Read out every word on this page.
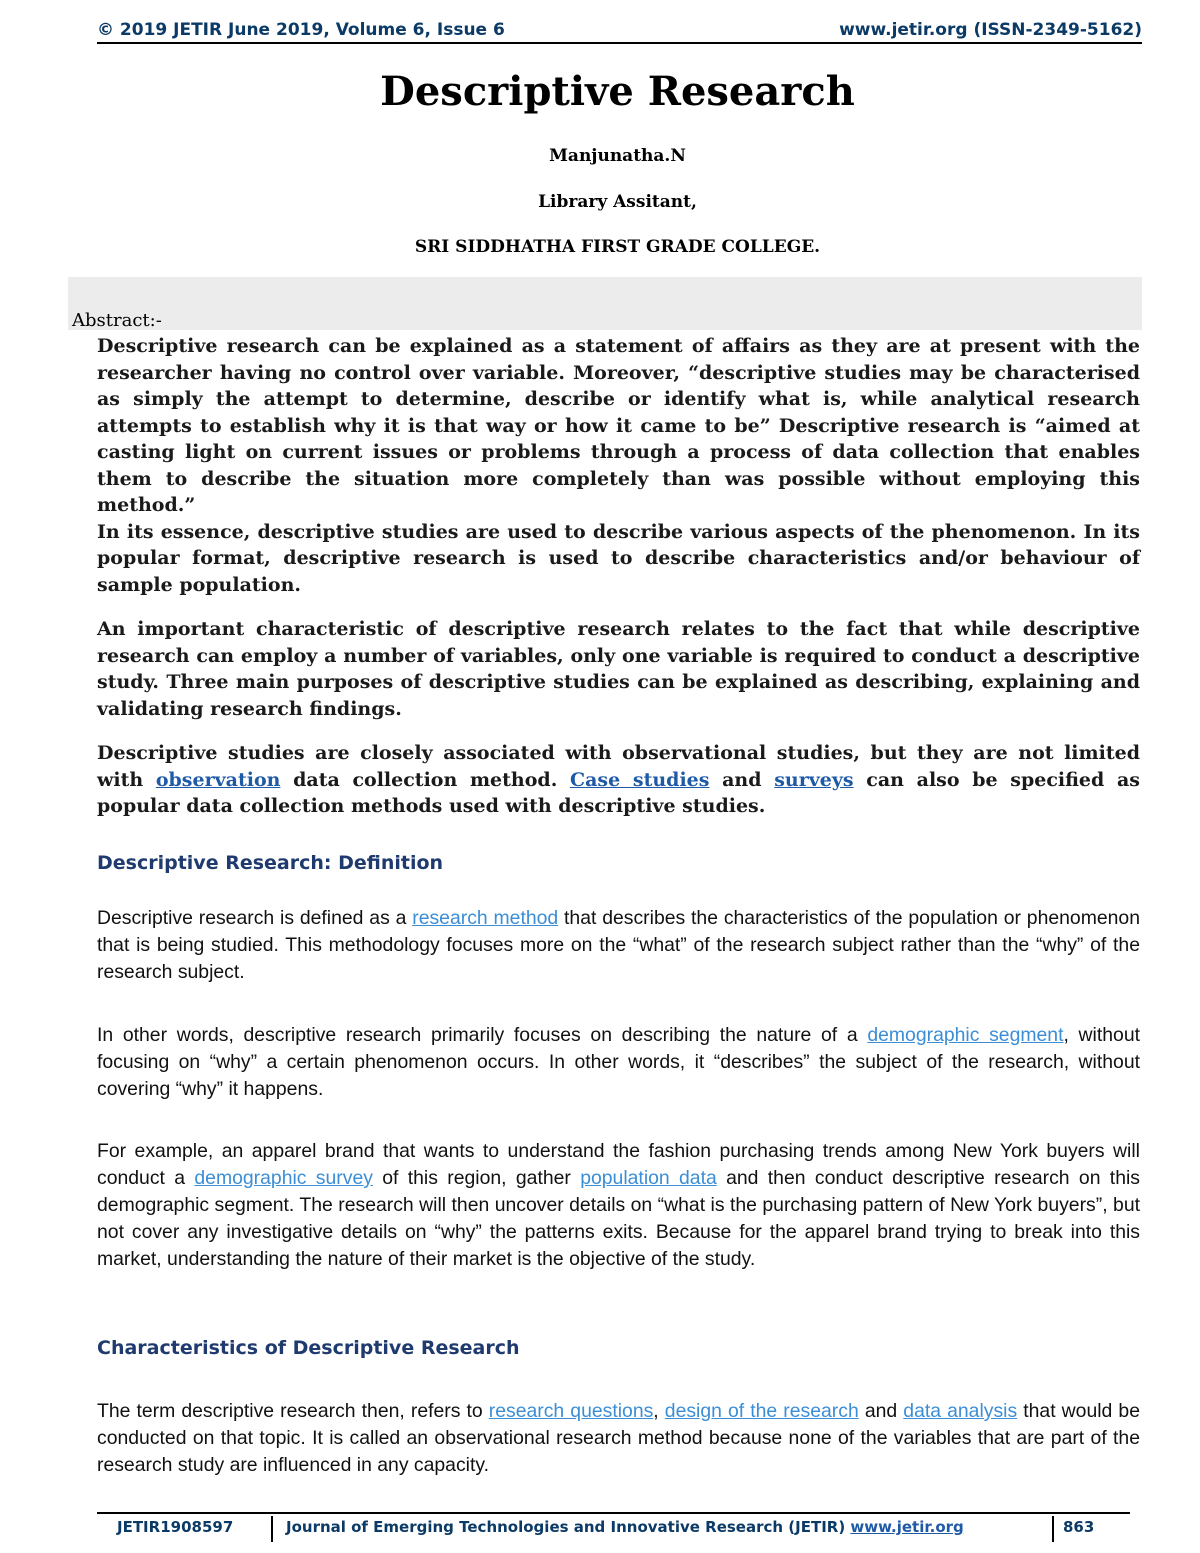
© 2019 JETIR June 2019, Volume 6, Issue 6	www.jetir.org (ISSN-2349-5162)
Descriptive Research
Manjunatha.N
Library Assitant,
SRI SIDDHATHA FIRST GRADE COLLEGE.
Abstract:-

Descriptive research can be explained as a statement of affairs as they are at present with the researcher having no control over variable. Moreover, “descriptive studies may be characterised as simply the attempt to determine, describe or identify what is, while analytical research attempts to establish why it is that way or how it came to be” Descriptive research is “aimed at casting light on current issues or problems through a process of data collection that enables them to describe the situation more completely than was possible without employing this method.”

In its essence, descriptive studies are used to describe various aspects of the phenomenon. In its popular format, descriptive research is used to describe characteristics and/or behaviour of sample population.

An important characteristic of descriptive research relates to the fact that while descriptive research can employ a number of variables, only one variable is required to conduct a descriptive study. Three main purposes of descriptive studies can be explained as describing, explaining and validating research findings.

Descriptive studies are closely associated with observational studies, but they are not limited with observation data collection method. Case studies and surveys can also be specified as popular data collection methods used with descriptive studies.

Descriptive Research: Definition

Descriptive research is defined as a research method that describes the characteristics of the population or phenomenon that is being studied. This methodology focuses more on the “what” of the research subject rather than the “why” of the research subject.

In other words, descriptive research primarily focuses on describing the nature of a demographic segment, without focusing on “why” a certain phenomenon occurs. In other words, it “describes” the subject of the research, without covering “why” it happens.

For example, an apparel brand that wants to understand the fashion purchasing trends among New York buyers will conduct a demographic survey of this region, gather population data and then conduct descriptive research on this demographic segment. The research will then uncover details on “what is the purchasing pattern of New York buyers”, but not cover any investigative details on “why” the patterns exits. Because for the apparel brand trying to break into this market, understanding the nature of their market is the objective of the study.

Characteristics of Descriptive Research

The term descriptive research then, refers to research questions, design of the research and data analysis that would be conducted on that topic. It is called an observational research method because none of the variables that are part of the research study are influenced in any capacity.

JETIR1908597	Journal of Emerging Technologies and Innovative Research (JETIR) www.jetir.org	863
